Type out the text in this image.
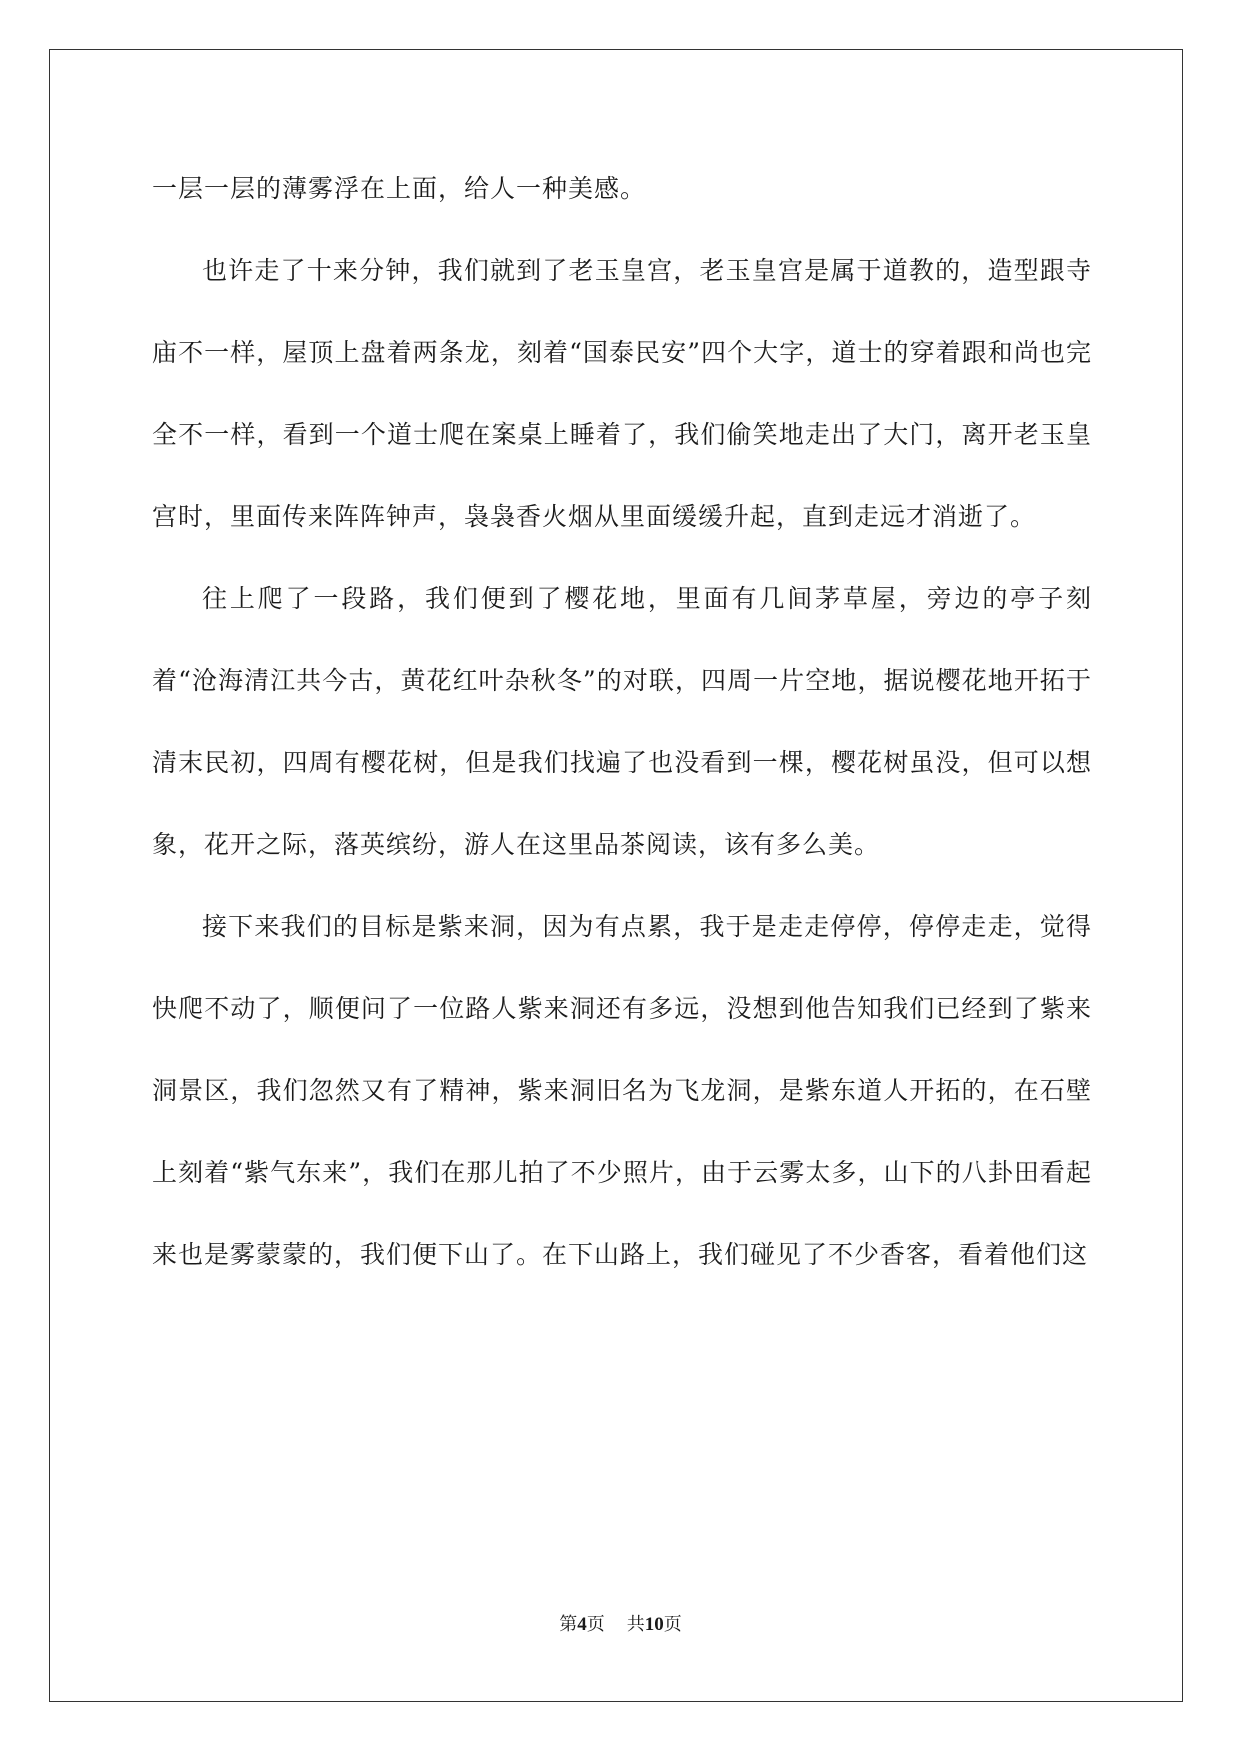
一层一层的薄雾浮在上面，给人一种美感。

也许走了十来分钟，我们就到了老玉皇宫，老玉皇宫是属于道教的，造型跟寺庙不一样，屋顶上盘着两条龙，刻着“国泰民安”四个大字，道士的穿着跟和尚也完全不一样，看到一个道士爬在案桌上睡着了，我们偷笑地走出了大门，离开老玉皇宫时，里面传来阵阵钟声，袅袅香火烟从里面缓缓升起，直到走远才消逝了。

往上爬了一段路，我们便到了樱花地，里面有几间茅草屋，旁边的亭子刻着“沧海清江共今古，黄花红叶杂秋冬”的对联，四周一片空地，据说樱花地开拓于清末民初，四周有樱花树，但是我们找遍了也没看到一棵，樱花树虽没，但可以想象，花开之际，落英缤纷，游人在这里品茶阅读，该有多么美。

接下来我们的目标是紫来洞，因为有点累，我于是走走停停，停停走走，觉得快爬不动了，顺便问了一位路人紫来洞还有多远，没想到他告知我们已经到了紫来洞景区，我们忽然又有了精神，紫来洞旧名为飞龙洞，是紫东道人开拓的，在石壁上刻着“紫气东来”，我们在那儿拍了不少照片，由于云雾太多，山下的八卦田看起来也是雾蒙蒙的，我们便下山了。在下山路上，我们碰见了不少香客，看着他们这

第4页 共10页
